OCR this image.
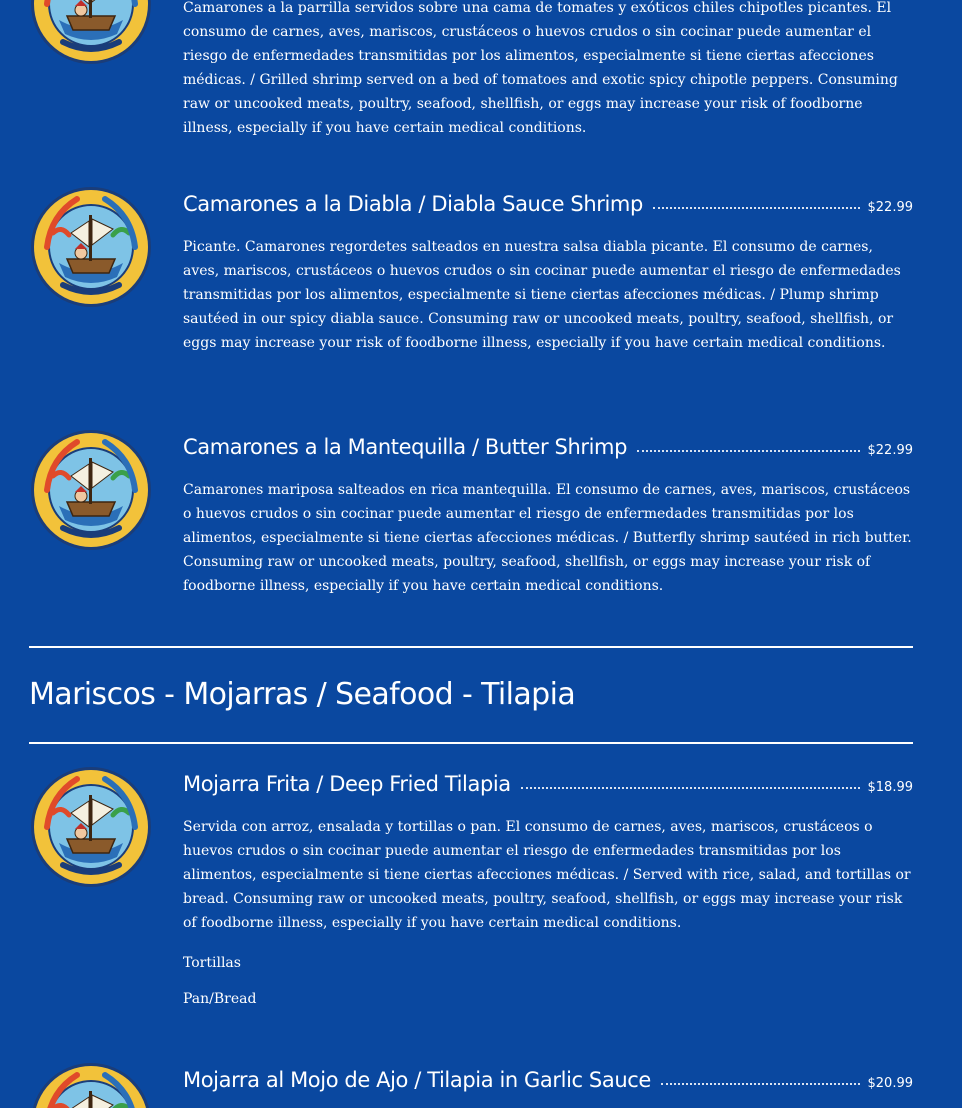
Camarones a la parrilla servidos sobre una cama de tomates y exóticos chiles chipotles picantes. El consumo de carnes, aves, mariscos, crustáceos o huevos crudos o sin cocinar puede aumentar el riesgo de enfermedades transmitidas por los alimentos, especialmente si tiene ciertas afecciones médicas. / Grilled shrimp served on a bed of tomatoes and exotic spicy chipotle peppers. Consuming raw or uncooked meats, poultry, seafood, shellfish, or eggs may increase your risk of foodborne illness, especially if you have certain medical conditions.
Camarones a la Diabla / Diabla Sauce Shrimp	$22.99
Picante. Camarones regordetes salteados en nuestra salsa diabla picante. El consumo de carnes, aves, mariscos, crustáceos o huevos crudos o sin cocinar puede aumentar el riesgo de enfermedades transmitidas por los alimentos, especialmente si tiene ciertas afecciones médicas. / Plump shrimp sautéed in our spicy diabla sauce. Consuming raw or uncooked meats, poultry, seafood, shellfish, or eggs may increase your risk of foodborne illness, especially if you have certain medical conditions.
Camarones a la Mantequilla / Butter Shrimp	$22.99
Camarones mariposa salteados en rica mantequilla. El consumo de carnes, aves, mariscos, crustáceos o huevos crudos o sin cocinar puede aumentar el riesgo de enfermedades transmitidas por los alimentos, especialmente si tiene ciertas afecciones médicas. / Butterfly shrimp sautéed in rich butter. Consuming raw or uncooked meats, poultry, seafood, shellfish, or eggs may increase your risk of foodborne illness, especially if you have certain medical conditions.
Mariscos - Mojarras / Seafood - Tilapia
Mojarra Frita / Deep Fried Tilapia	$18.99
Servida con arroz, ensalada y tortillas o pan. El consumo de carnes, aves, mariscos, crustáceos o huevos crudos o sin cocinar puede aumentar el riesgo de enfermedades transmitidas por los alimentos, especialmente si tiene ciertas afecciones médicas. / Served with rice, salad, and tortillas or bread. Consuming raw or uncooked meats, poultry, seafood, shellfish, or eggs may increase your risk of foodborne illness, especially if you have certain medical conditions.
Tortillas
Pan/Bread
Mojarra al Mojo de Ajo / Tilapia in Garlic Sauce	$20.99
